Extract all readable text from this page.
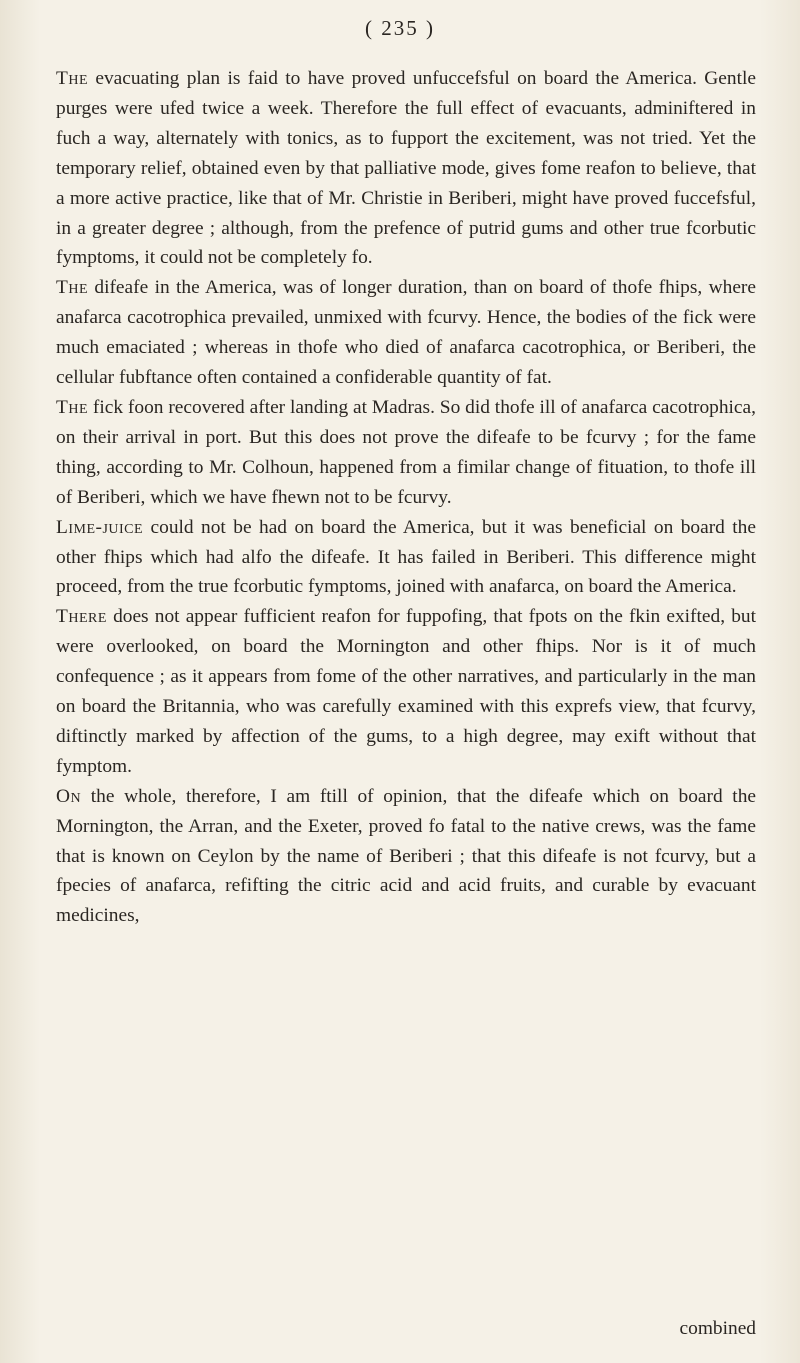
( 235 )

The evacuating plan is faid to have proved unfuccefsful on board the America. Gentle purges were ufed twice a week. Therefore the full effect of evacuants, adminiftered in fuch a way, alternately with tonics, as to fupport the excitement, was not tried. Yet the temporary relief, obtained even by that palliative mode, gives fome reafon to believe, that a more active practice, like that of Mr. Christie in Beriberi, might have proved fuccefsful, in a greater degree ; although, from the prefence of putrid gums and other true fcorbutic fymptoms, it could not be completely fo.

The difeafe in the America, was of longer duration, than on board of thofe fhips, where anafarca cacotrophica prevailed, unmixed with fcurvy. Hence, the bodies of the fick were much emaciated ; whereas in thofe who died of anafarca cacotrophica, or Beriberi, the cellular fubftance often contained a confiderable quantity of fat.

The fick foon recovered after landing at Madras. So did thofe ill of anafarca cacotrophica, on their arrival in port. But this does not prove the difeafe to be fcurvy ; for the fame thing, according to Mr. Colhoun, happened from a fimilar change of fituation, to thofe ill of Beriberi, which we have fhewn not to be fcurvy.

Lime-juice could not be had on board the America, but it was beneficial on board the other fhips which had alfo the difeafe. It has failed in Beriberi. This difference might proceed, from the true fcorbutic fymptoms, joined with anafarca, on board the America.

There does not appear fufficient reafon for fuppofing, that fpots on the fkin exifted, but were overlooked, on board the Mornington and other fhips. Nor is it of much confequence ; as it appears from fome of the other narratives, and particularly in the man on board the Britannia, who was carefully examined with this exprefs view, that fcurvy, diftinctly marked by affection of the gums, to a high degree, may exift without that fymptom.

On the whole, therefore, I am ftill of opinion, that the difeafe which on board the Mornington, the Arran, and the Exeter, proved fo fatal to the native crews, was the fame that is known on Ceylon by the name of Beriberi ; that this difeafe is not fcurvy, but a fpecies of anafarca, refifting the citric acid and acid fruits, and curable by evacuant medicines,

combined
